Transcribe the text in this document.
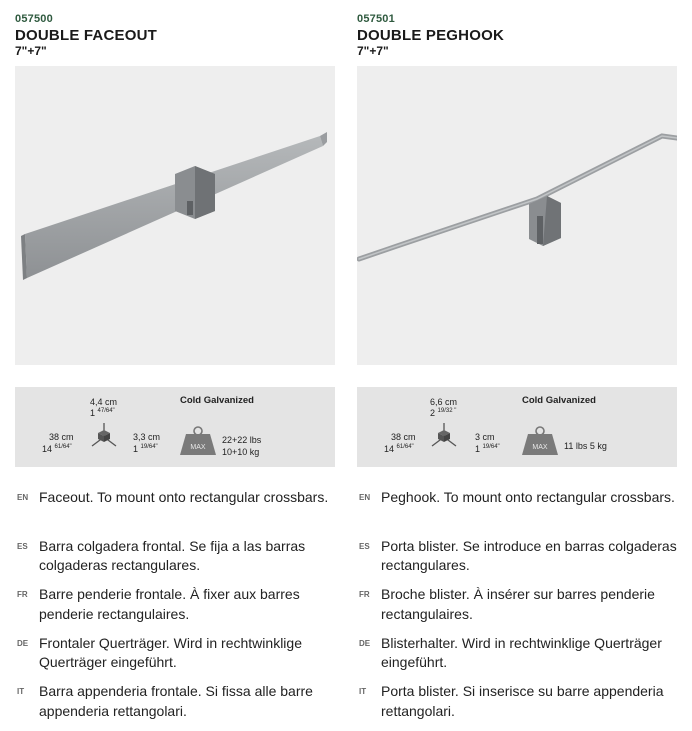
057500
DOUBLE FACEOUT
7"+7"
Cold Galvanized
4,4 cm
1 $^{47/64"}$
38 cm
14 $^{61/64"}$
3,3 cm
1 $^{19/64"}$	MAX
22+22 lbs
10+10 kg
EN Faceout. To mount onto rectangular crossbars.
ES Barra colgadera frontal. Se fija a las barras colgaderas rectangulares.
FR Barre penderie frontale. À fixer aux barres penderie rectangulaires.
DE Frontaler Querträger. Wird in rechtwinklige Querträger eingeführt.
IT	Barra appenderia frontale. Si fissa alle barre appenderia rettangolari.
057501
DOUBLE PEGHOOK
7"+7"
Cold Galvanized
6,6 cm
2 $^{19/32 "}$
38 cm
14 $^{61/64"}$
3 cm
1 $^{19/64"}$	MAX 11 lbs 5 kg
EN Peghook. To mount onto rectangular crossbars.
ES Porta blister. Se introduce en barras colgaderas rectangulares.
FR Broche blister. À insérer sur barres penderie rectangulaires.
DE Blisterhalter. Wird in rechtwinklige Querträger eingeführt.
IT	Porta blister. Si inserisce su barre appenderia rettangolari.
